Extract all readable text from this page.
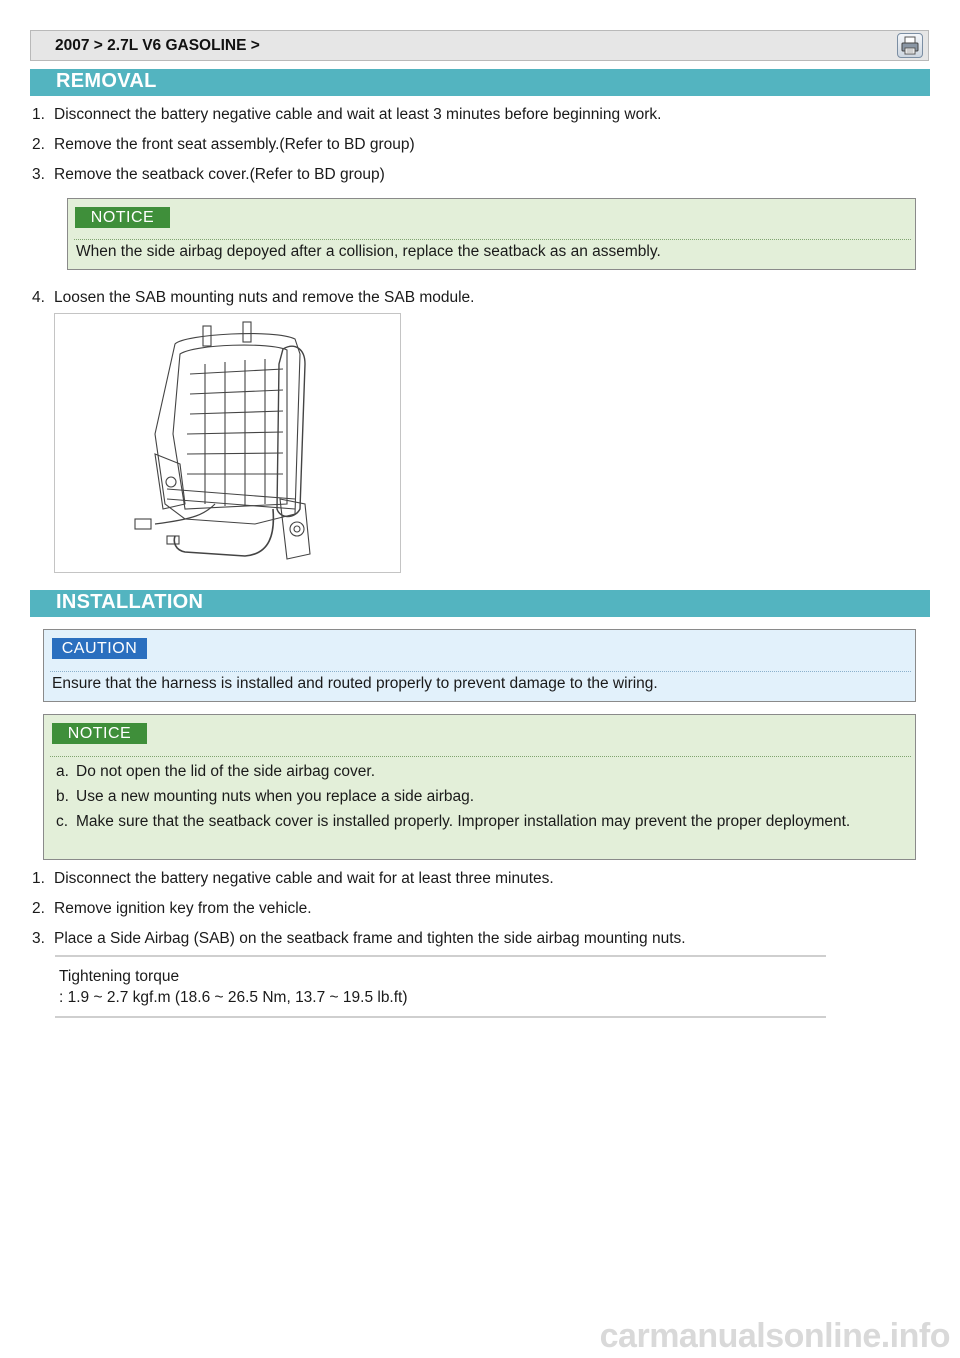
2007 > 2.7L V6 GASOLINE >
REMOVAL
1. Disconnect the battery negative cable and wait at least 3 minutes before beginning work.
2. Remove the front seat assembly.(Refer to BD group)
3. Remove the seatback cover.(Refer to BD group)
NOTICE
When the side airbag depoyed after a collision, replace the seatback as an assembly.
4. Loosen the SAB mounting nuts and remove the SAB module.
INSTALLATION
CAUTION
Ensure that the harness is installed and routed properly to prevent damage to the wiring.
NOTICE
a. Do not open the lid of the side airbag cover.
b. Use a new mounting nuts when you replace a side airbag.
c. Make sure that the seatback cover is installed properly. Improper installation may prevent the proper deployment.
1. Disconnect the battery negative cable and wait for at least three minutes.
2. Remove ignition key from the vehicle.
3. Place a Side Airbag (SAB) on the seatback frame and tighten the side airbag mounting nuts.
Tightening torque
: 1.9 ~ 2.7 kgf.m (18.6 ~ 26.5 Nm, 13.7 ~ 19.5 lb.ft)
carmanualsonline.info
